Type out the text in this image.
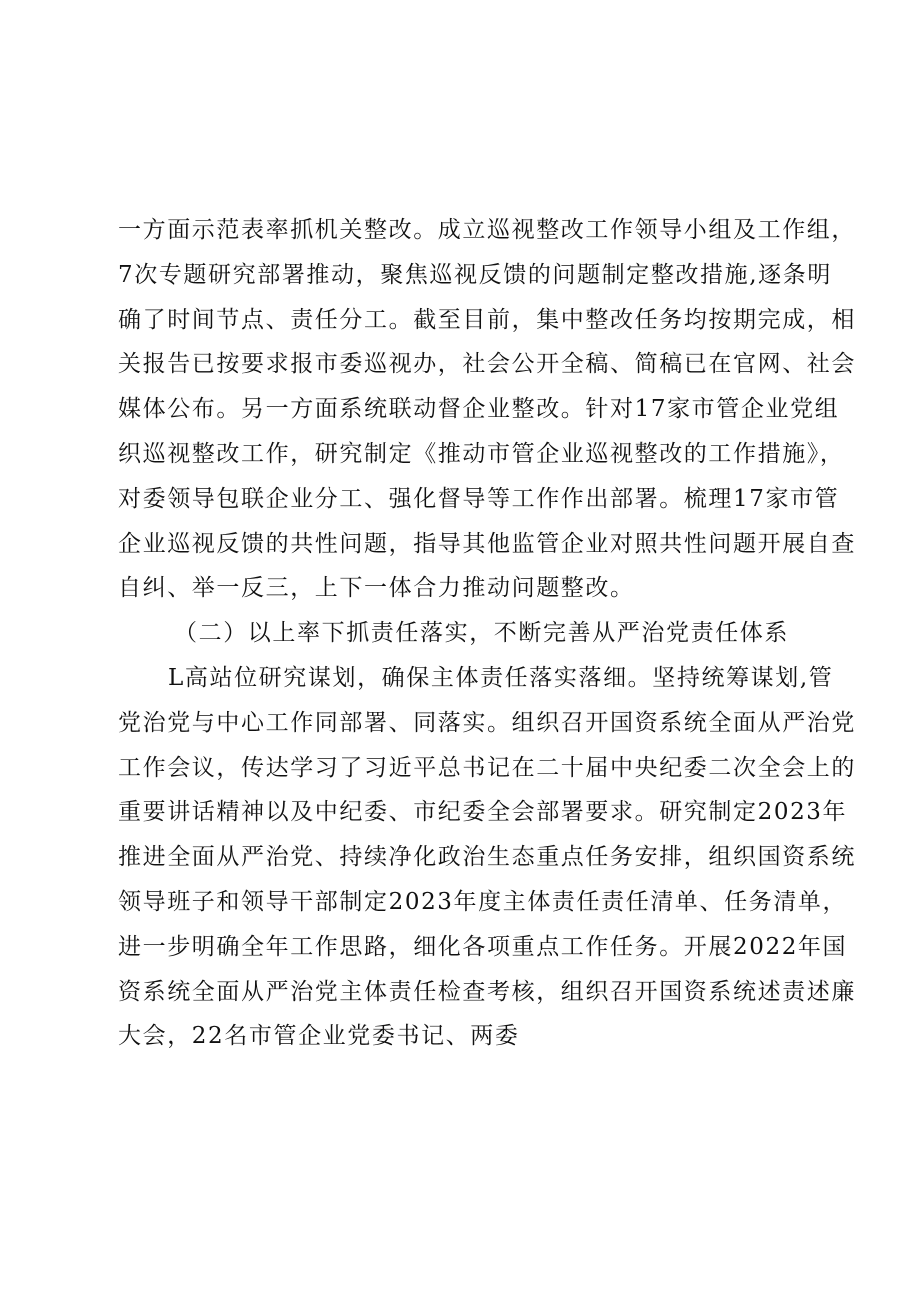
一方面示范表率抓机关整改。成立巡视整改工作领导小组及工作组，
7次专题研究部署推动，聚焦巡视反馈的问题制定整改措施,逐条明
确了时间节点、责任分工。截至目前，集中整改任务均按期完成，相
关报告已按要求报市委巡视办，社会公开全稿、简稿已在官网、社会
媒体公布。另一方面系统联动督企业整改。针对17家市管企业党组
织巡视整改工作，研究制定《推动市管企业巡视整改的工作措施》，
对委领导包联企业分工、强化督导等工作作出部署。梳理17家市管
企业巡视反馈的共性问题，指导其他监管企业对照共性问题开展自查
自纠、举一反三，上下一体合力推动问题整改。
（二）以上率下抓责任落实，不断完善从严治党责任体系
L高站位研究谋划，确保主体责任落实落细。坚持统筹谋划,管
党治党与中心工作同部署、同落实。组织召开国资系统全面从严治党
工作会议，传达学习了习近平总书记在二十届中央纪委二次全会上的
重要讲话精神以及中纪委、市纪委全会部署要求。研究制定2023年
推进全面从严治党、持续净化政治生态重点任务安排，组织国资系统
领导班子和领导干部制定2023年度主体责任责任清单、任务清单，
进一步明确全年工作思路，细化各项重点工作任务。开展2022年国
资系统全面从严治党主体责任检查考核，组织召开国资系统述责述廉
大会，22名市管企业党委书记、两委
